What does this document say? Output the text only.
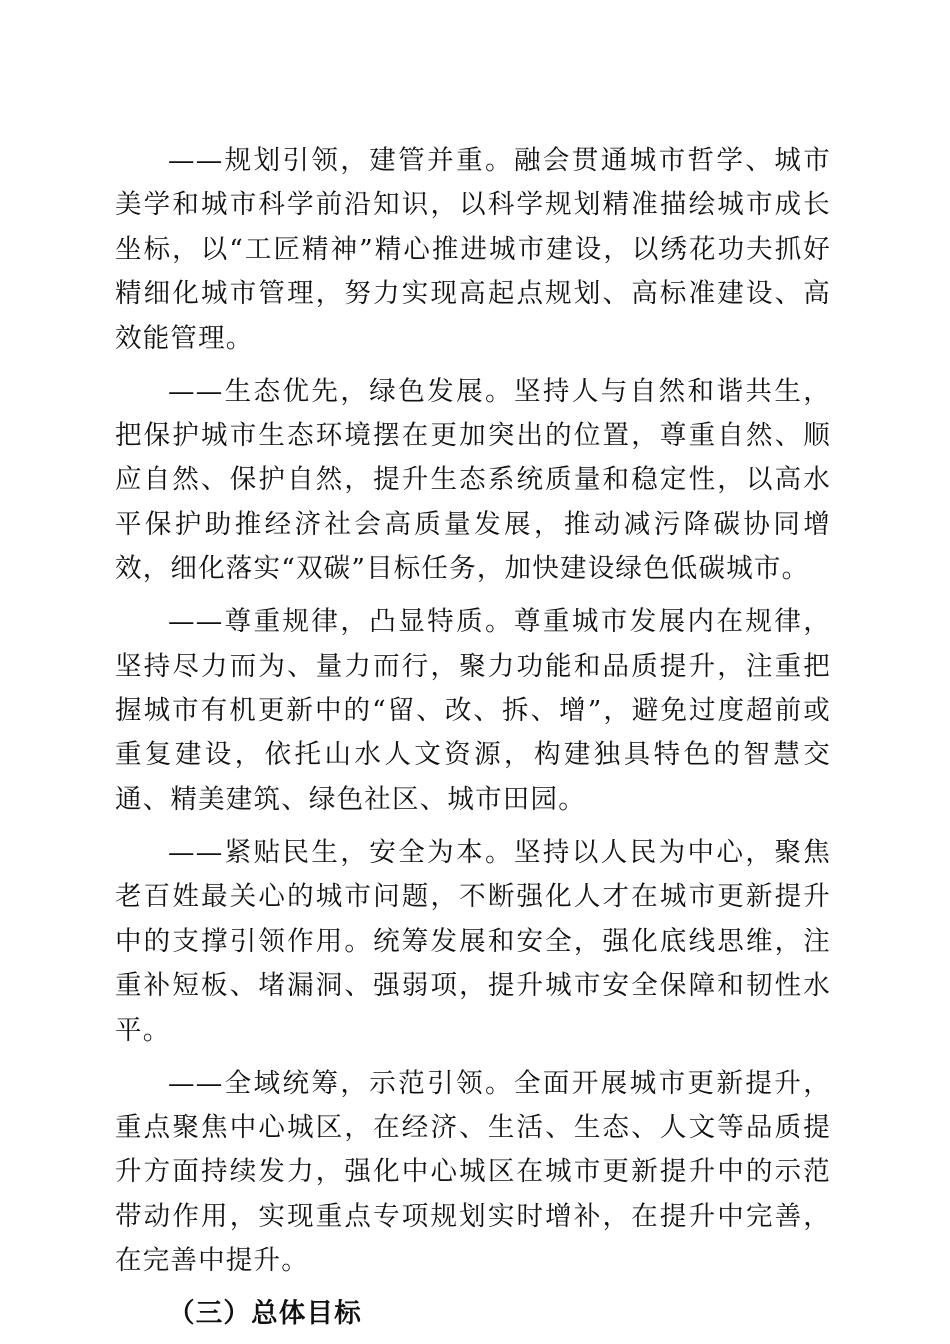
——规划引领，建管并重。融会贯通城市哲学、城市美学和城市科学前沿知识，以科学规划精准描绘城市成长坐标，以“工匠精神”精心推进城市建设，以绣花功夫抓好精细化城市管理，努力实现高起点规划、高标准建设、高效能管理。

——生态优先，绿色发展。坚持人与自然和谐共生，把保护城市生态环境摆在更加突出的位置，尊重自然、顺应自然、保护自然，提升生态系统质量和稳定性，以高水平保护助推经济社会高质量发展，推动减污降碳协同增效，细化落实“双碳”目标任务，加快建设绿色低碳城市。

——尊重规律，凸显特质。尊重城市发展内在规律，坚持尽力而为、量力而行，聚力功能和品质提升，注重把握城市有机更新中的“留、改、拆、增”，避免过度超前或重复建设，依托山水人文资源，构建独具特色的智慧交通、精美建筑、绿色社区、城市田园。

——紧贴民生，安全为本。坚持以人民为中心，聚焦老百姓最关心的城市问题，不断强化人才在城市更新提升中的支撑引领作用。统筹发展和安全，强化底线思维，注重补短板、堵漏洞、强弱项，提升城市安全保障和韧性水平。

——全域统筹，示范引领。全面开展城市更新提升，重点聚焦中心城区，在经济、生活、生态、人文等品质提升方面持续发力，强化中心城区在城市更新提升中的示范带动作用，实现重点专项规划实时增补，在提升中完善，在完善中提升。

（三）总体目标
